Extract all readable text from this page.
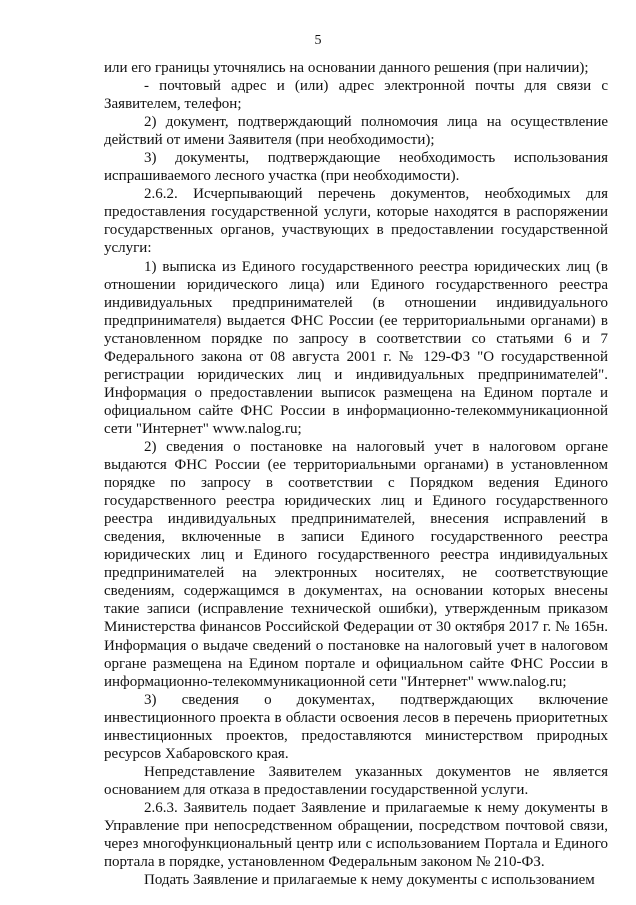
5

или его границы уточнялись на основании данного решения (при наличии);

- почтовый адрес и (или) адрес электронной почты для связи с Заявителем, телефон;

2) документ, подтверждающий полномочия лица на осуществление действий от имени Заявителя (при необходимости);

3) документы, подтверждающие необходимость использования испрашиваемого лесного участка (при необходимости).

2.6.2. Исчерпывающий перечень документов, необходимых для предоставления государственной услуги, которые находятся в распоряжении государственных органов, участвующих в предоставлении государственной услуги:

1) выписка из Единого государственного реестра юридических лиц (в отношении юридического лица) или Единого государственного реестра индивидуальных предпринимателей (в отношении индивидуального предпринимателя) выдается ФНС России (ее территориальными органами) в установленном порядке по запросу в соответствии со статьями 6 и 7 Федерального закона от 08 августа 2001 г. № 129-ФЗ "О государственной регистрации юридических лиц и индивидуальных предпринимателей". Информация о предоставлении выписок размещена на Едином портале и официальном сайте ФНС России в информационно-телекоммуникационной сети "Интернет" www.nalog.ru;

2) сведения о постановке на налоговый учет в налоговом органе выдаются ФНС России (ее территориальными органами) в установленном порядке по запросу в соответствии с Порядком ведения Единого государственного реестра юридических лиц и Единого государственного реестра индивидуальных предпринимателей, внесения исправлений в сведения, включенные в записи Единого государственного реестра юридических лиц и Единого государственного реестра индивидуальных предпринимателей на электронных носителях, не соответствующие сведениям, содержащимся в документах, на основании которых внесены такие записи (исправление технической ошибки), утвержденным приказом Министерства финансов Российской Федерации от 30 октября 2017 г. № 165н. Информация о выдаче сведений о постановке на налоговый учет в налоговом органе размещена на Едином портале и официальном сайте ФНС России в информационно-телекоммуникационной сети "Интернет" www.nalog.ru;

3) сведения о документах, подтверждающих включение инвестиционного проекта в области освоения лесов в перечень приоритетных инвестиционных проектов, предоставляются министерством природных ресурсов Хабаровского края.

Непредставление Заявителем указанных документов не является основанием для отказа в предоставлении государственной услуги.

2.6.3. Заявитель подает Заявление и прилагаемые к нему документы в Управление при непосредственном обращении, посредством почтовой связи, через многофункциональный центр или с использованием Портала и Единого портала в порядке, установленном Федеральным законом № 210-ФЗ.

Подать Заявление и прилагаемые к нему документы с использованием
